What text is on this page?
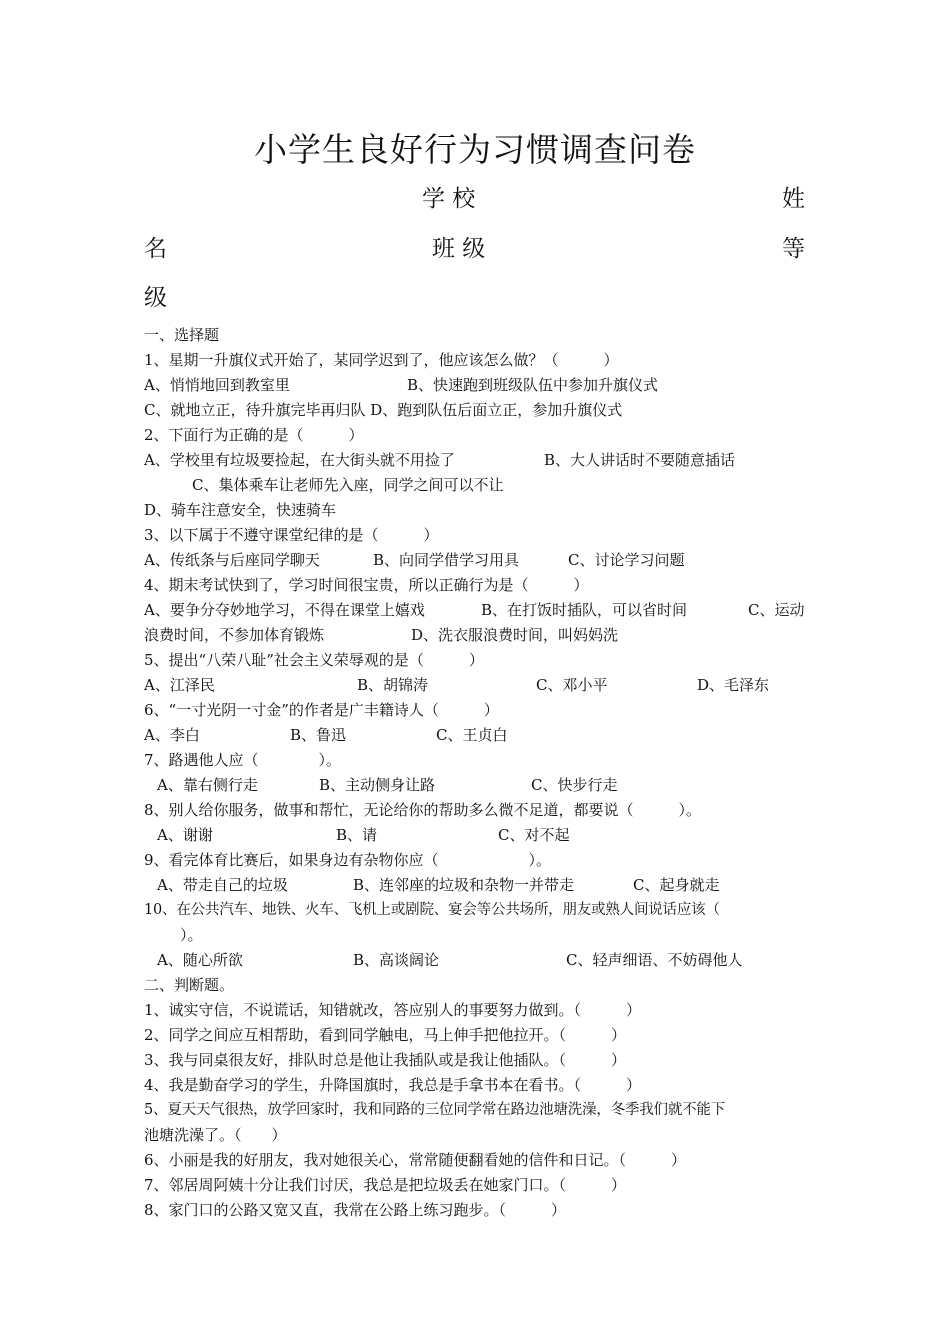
小学生良好行为习惯调查问卷
学 校	姓
名	班 级	等
级
一、选择题
1、星期一升旗仪式开始了，某同学迟到了，他应该怎么做？（　　　）
A、悄悄地回到教室里	B、快速跑到班级队伍中参加升旗仪式
C、就地立正，待升旗完毕再归队 D、跑到队伍后面立正，参加升旗仪式
2、下面行为正确的是（　　　）
A、学校里有垃圾要捡起，在大街头就不用捡了	B、大人讲话时不要随意插话
C、集体乘车让老师先入座，同学之间可以不让
D、骑车注意安全，快速骑车
3、以下属于不遵守课堂纪律的是（　　　）
A、传纸条与后座同学聊天	B、向同学借学习用具	C、讨论学习问题
4、期末考试快到了，学习时间很宝贵，所以正确行为是（　　　）
A、要争分夺妙地学习，不得在课堂上嬉戏	B、在打饭时插队，可以省时间	C、运动
浪费时间，不参加体育锻炼	D、洗衣服浪费时间，叫妈妈洗
5、提出“八荣八耻”社会主义荣辱观的是（　　　）
A、江泽民	B、胡锦涛	C、邓小平	D、毛泽东
6、“一寸光阴一寸金”的作者是广丰籍诗人（　　　）
A、李白	B、鲁迅	C、王贞白
7、路遇他人应（　　　　）。
A、靠右侧行走	B、主动侧身让路	C、快步行走
8、别人给你服务，做事和帮忙，无论给你的帮助多么微不足道，都要说（　　　）。
A、谢谢	B、请	C、对不起
9、看完体育比赛后，如果身边有杂物你应（　　　　　　）。
A、带走自己的垃圾	B、连邻座的垃圾和杂物一并带走	C、起身就走
10、在公共汽车、地铁、火车、飞机上或剧院、宴会等公共场所，朋友或熟人间说话应该（
）。
A、随心所欲	B、高谈阔论	C、轻声细语、不妨碍他人
二、判断题。
1、诚实守信，不说谎话，知错就改，答应别人的事要努力做到。（　　　）
2、同学之间应互相帮助，看到同学触电，马上伸手把他拉开。（　　　）
3、我与同桌很友好，排队时总是他让我插队或是我让他插队。（　　　）
4、我是勤奋学习的学生，升降国旗时，我总是手拿书本在看书。（　　　）
5、夏天天气很热，放学回家时，我和同路的三位同学常在路边池塘洗澡，冬季我们就不能下
池塘洗澡了。（　　）
6、小丽是我的好朋友，我对她很关心，常常随便翻看她的信件和日记。（　　　）
7、邻居周阿姨十分让我们讨厌，我总是把垃圾丢在她家门口。（　　　）
8、家门口的公路又宽又直，我常在公路上练习跑步。（　　　）
